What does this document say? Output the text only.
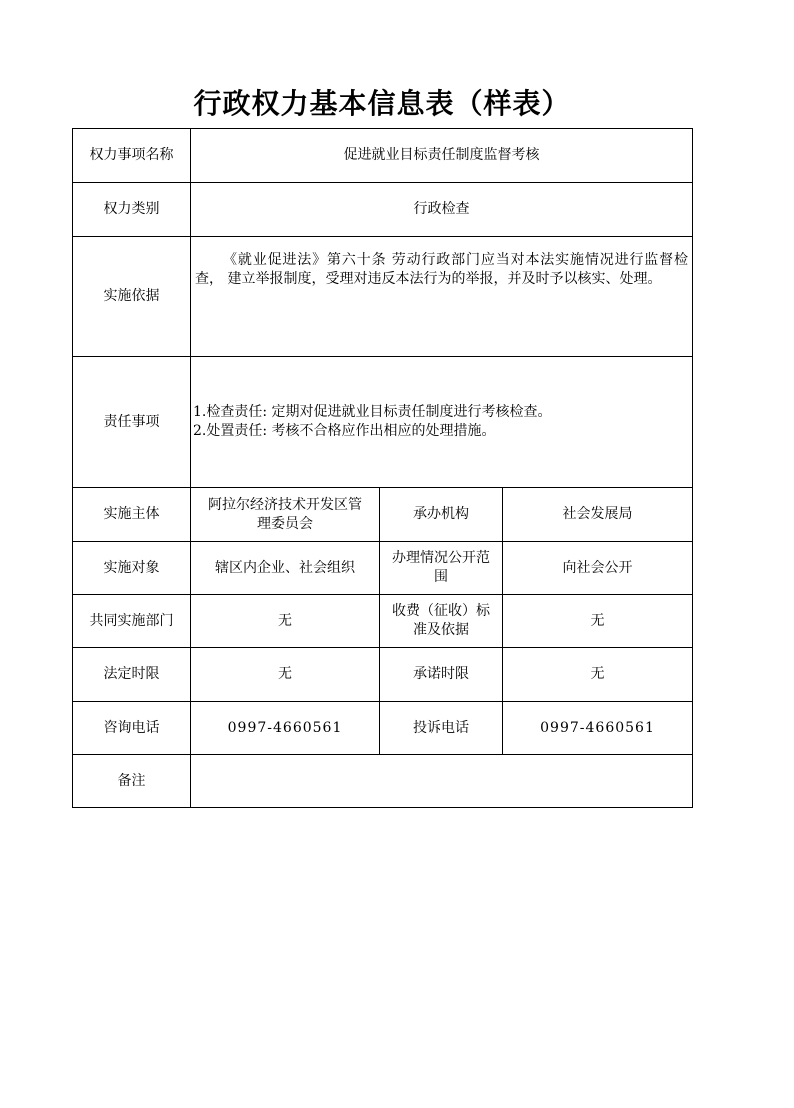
行政权力基本信息表（样表）
权力事项名称	促进就业目标责任制度监督考核		
权力类别	行政检查		
实施依据	《就业促进法》第六十条 劳动行政部门应当对本法实施情况进行监督检查， 建立举报制度，受理对违反本法行为的举报，并及时予以核实、处理。		

责任事项	1.检查责任: 定期对促进就业目标责任制度进行考核检查。
2.处置责任: 考核不合格应作出相应的处理措施。		

实施主体	阿拉尔经济技术开发区管理委员会	承办机构	社会发展局
实施对象	辖区内企业、社会组织	办理情况公开范围	向社会公开
共同实施部门	无	收费（征收）标准及依据	无
法定时限	无	承诺时限	无
咨询电话	0997-4660561	投诉电话	0997-4660561
备注			
